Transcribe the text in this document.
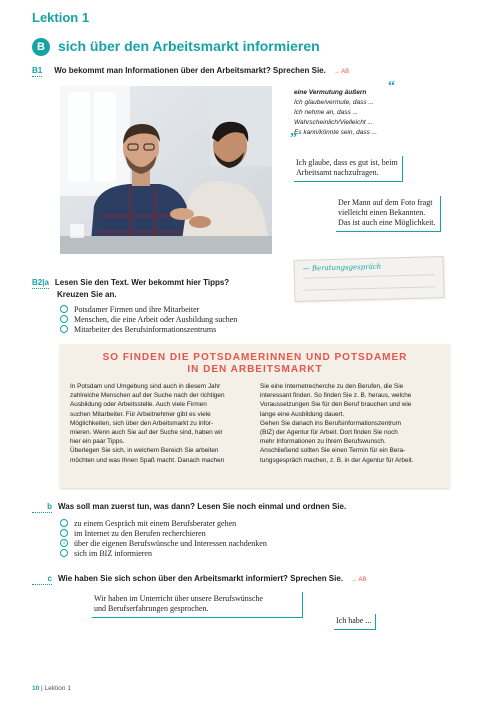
Lektion 1
B sich über den Arbeitsmarkt informieren
B1 Wo bekommt man Informationen über den Arbeitsmarkt? Sprechen Sie. → AB
“
eine Vermutung äußern
Ich glaube/vermute, dass ...
Ich nehme an, dass ...
Wahrscheinlich/Vielleicht ...
Es kann/könnte sein, dass ...
”
Ich glaube, dass es gut ist, beim
Arbeitsamt nachzufragen.
Der Mann auf dem Foto fragt
vielleicht einen Bekannten.
Das ist auch eine Möglichkeit.
— Beratungsgespräch
B2|a Lesen Sie den Text. Wer bekommt hier Tipps?
Kreuzen Sie an.
Potsdamer Firmen und ihre Mitarbeiter
Menschen, die eine Arbeit oder Ausbildung suchen
Mitarbeiter des Berufsinformationszentrums
SO FINDEN DIE POTSDAMERINNEN UND POTSDAMER
IN DEN ARBEITSMARKT
In Potsdam und Umgebung sind auch in diesem Jahr
zahlreiche Menschen auf der Suche nach der richtigen
Ausbildung oder Arbeitsstelle. Auch viele Firmen
suchen Mitarbeiter. Für Arbeitnehmer gibt es viele
Möglichkeiten, sich über den Arbeitsmarkt zu infor-
mieren. Wenn auch Sie auf der Suche sind, haben wir
hier ein paar Tipps.
Überlegen Sie sich, in welchem Bereich Sie arbeiten
möchten und was Ihnen Spaß macht. Danach machen
Sie eine Internetrecherche zu den Berufen, die Sie
interessant finden. So finden Sie z. B. heraus, welche
Voraussetzungen Sie für den Beruf brauchen und wie
lange eine Ausbildung dauert.
Gehen Sie danach ins Berufsinformationszentrum
(BIZ) der Agentur für Arbeit. Dort finden Sie noch
mehr Informationen zu Ihrem Berufswunsch.
Anschließend sollten Sie einen Termin für ein Bera-
tungsgespräch machen, z. B. in der Agentur für Arbeit.
b Was soll man zuerst tun, was dann? Lesen Sie noch einmal und ordnen Sie.
zu einem Gespräch mit einem Berufsberater gehen
im Internet zu den Berufen recherchieren
1	über die eigenen Berufswünsche und Interessen nachdenken
sich im BIZ informieren
c Wie haben Sie sich schon über den Arbeitsmarkt informiert? Sprechen Sie. → AB
Wir haben im Unterricht über unsere Berufswünsche
und Berufserfahrungen gesprochen.
Ich habe ...
10 | Lektion 1
